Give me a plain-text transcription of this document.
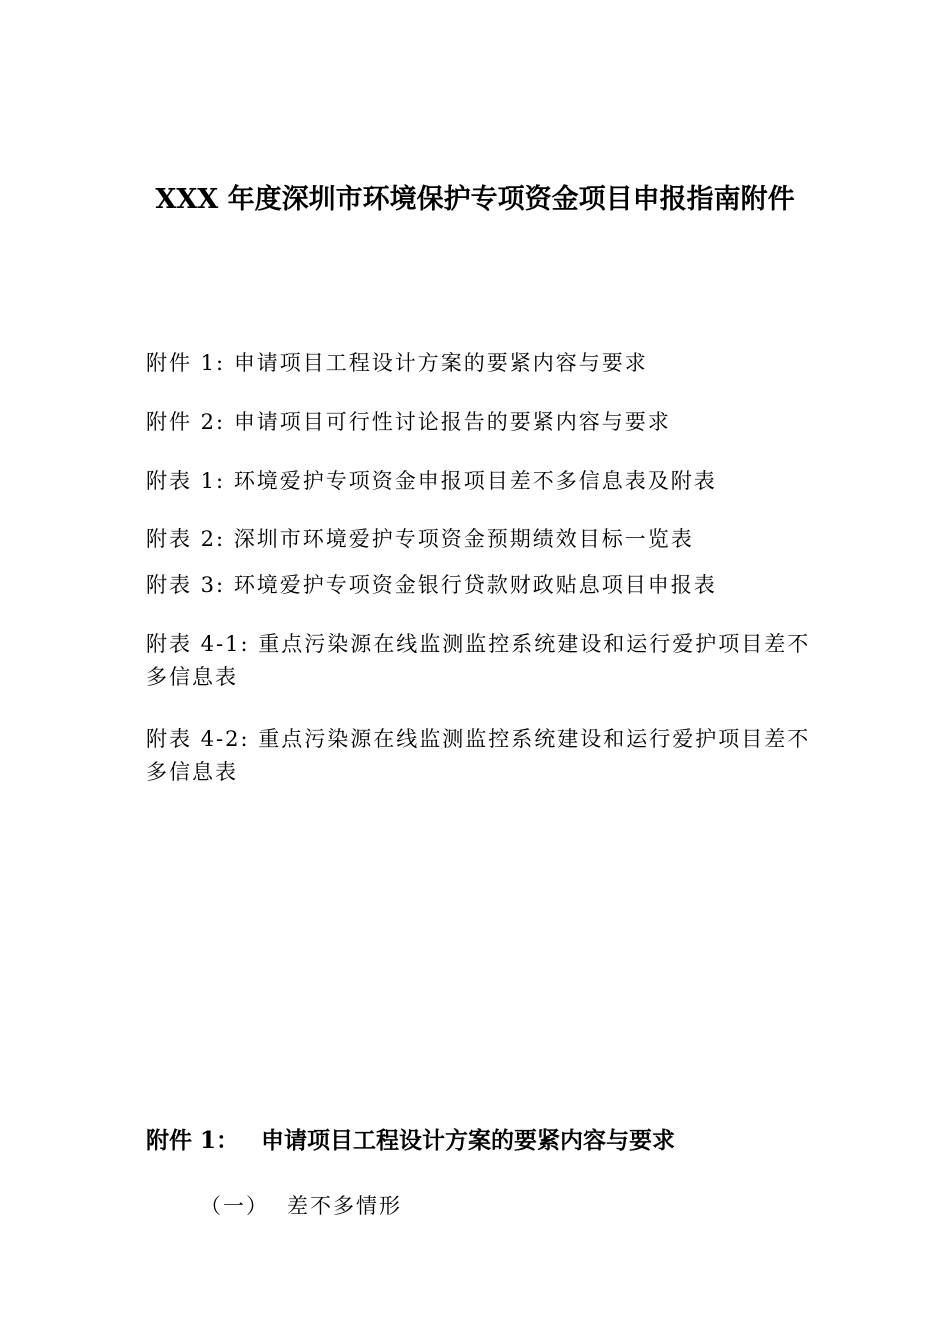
XXX 年度深圳市环境保护专项资金项目申报指南附件
附件 1: 申请项目工程设计方案的要紧内容与要求
附件 2: 申请项目可行性讨论报告的要紧内容与要求
附表 1: 环境爱护专项资金申报项目差不多信息表及附表
附表 2: 深圳市环境爱护专项资金预期绩效目标一览表
附表 3: 环境爱护专项资金银行贷款财政贴息项目申报表
附表 4-1: 重点污染源在线监测监控系统建设和运行爱护项目差不多信息表
附表 4-2: 重点污染源在线监测监控系统建设和运行爱护项目差不多信息表
附件 1： 申请项目工程设计方案的要紧内容与要求
（一） 差不多情形
